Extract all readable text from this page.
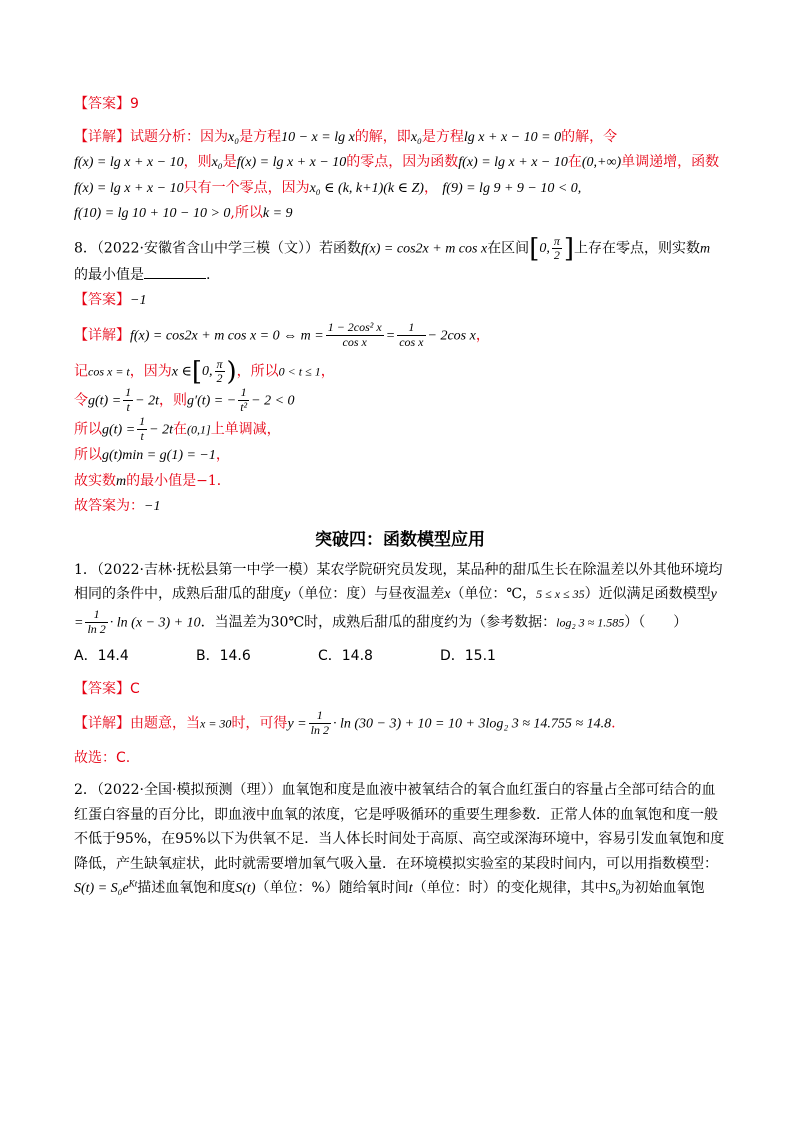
【答案】9

【详解】试题分析：因为x₀是方程10 − x = lg x的解，即x₀是方程lg x + x − 10 = 0的解，令
f(x) = lg x + x − 10，则x₀是f(x) = lg x + x − 10的零点，因为函数f(x) = lg x + x − 10在(0,+∞)单调递增，函数f(x) = lg x + x − 10只有一个零点，因为x₀ ∈ (k, k+1)(k ∈ Z)， f(9) = lg 9 + 9 − 10 < 0,
f(10) = lg 10 + 10 − 10 > 0,所以k = 9

8．（2022·安徽省含山中学三模（文））若函数f(x) = cos2x + m cos x在区间[0, $\frac{\pi}{2}$ ]上存在零点，则实数m
的最小值是	.

【答案】−1

【详解】f(x) = cos2x + m cos x = 0 ⇔ $m = \frac{\text{1 − 2cos² x}}{\text{cos x}} = \frac{1}{\text{cos x}} - 2\cos$ x，

记cos x = t，因为x ∈[0, $\frac{\pi}{2}$ )，所以0 < t ≤ 1，

令$g(t) = \frac{1}{t} - 2t$，则g′(t) = − $\frac{1}{\text{t²}} - 2 < 0$

所以$g(t) = \frac{1}{t} - 2t$在(0,1]上单调减，

所以g(t)min = g(1) = −1，

故实数m的最小值是−1．

故答案为：−1

突破四：函数模型应用

1．（2022·吉林·抚松县第一中学一模）某农学院研究员发现，某品种的甜瓜生长在除温差以外其他环境均相同的条件中，成熟后甜瓜的甜度y（单位：度）与昼夜温差x（单位：℃，5 ≤ x ≤ 35）近似满足函数模型$y = \frac{1}{\ln 2} \cdot \ln (x - 3) + 10$．当温差为30℃时，成熟后甜瓜的甜度约为（参考数据：log₂ 3 ≈ 1.585）（　　）

A．14.4	B．14.6	C．14.8	D．15.1

【答案】C

【详解】由题意，当x = 30时，可得$y = \frac{1}{\ln 2} \cdot \ln (30 - 3) + 10 = 10 + 3\log_2$ 3 ≈ 14.755 ≈ 14.8.

故选：C.

2．（2022·全国·模拟预测（理））血氧饱和度是血液中被氧结合的氧合血红蛋白的容量占全部可结合的血红蛋白容量的百分比，即血液中血氧的浓度，它是呼吸循环的重要生理参数．正常人体的血氧饱和度一般不低于95%，在95%以下为供氧不足．当人体长时间处于高原、高空或深海环境中，容易引发血氧饱和度降低，产生缺氧症状，此时就需要增加氧气吸入量．在环境模拟实验室的某段时间内，可以用指数模型：$S(t) = S_0e^{Kt}$描述血氧饱和度S(t)（单位：%）随给氧时间t（单位：时）的变化规律，其中S₀为初始血氧饱
